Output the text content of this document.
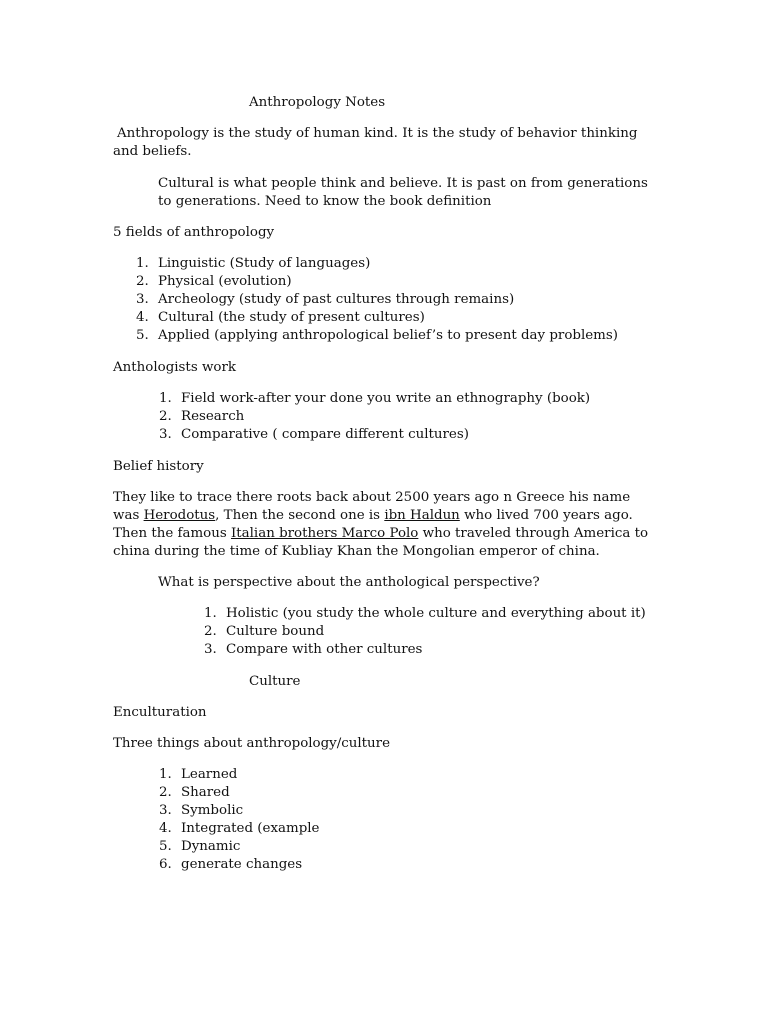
Anthropology Notes

Anthropology is the study of human kind. It is the study of behavior thinking and beliefs.

Cultural is what people think and believe. It is past on from generations to generations. Need to know the book definition

5 fields of anthropology

1. Linguistic (Study of languages)
2. Physical (evolution)
3. Archeology (study of past cultures through remains)
4. Cultural (the study of present cultures)
5. Applied (applying anthropological belief’s to present day problems)

Anthologists work

1. Field work-after your done you write an ethnography (book)
2. Research
3. Comparative ( compare different cultures)

Belief history

They like to trace there roots back about 2500 years ago n Greece his name was Herodotus, Then the second one is ibn Haldun who lived 700 years ago. Then the famous Italian brothers Marco Polo who traveled through America to china during the time of Kubliay Khan the Mongolian emperor of china.

What is perspective about the anthological perspective?

1. Holistic (you study the whole culture and everything about it)
2. Culture bound
3. Compare with other cultures

Culture

Enculturation

Three things about anthropology/culture

1. Learned
2. Shared
3. Symbolic
4. Integrated (example
5. Dynamic
6. generate changes
